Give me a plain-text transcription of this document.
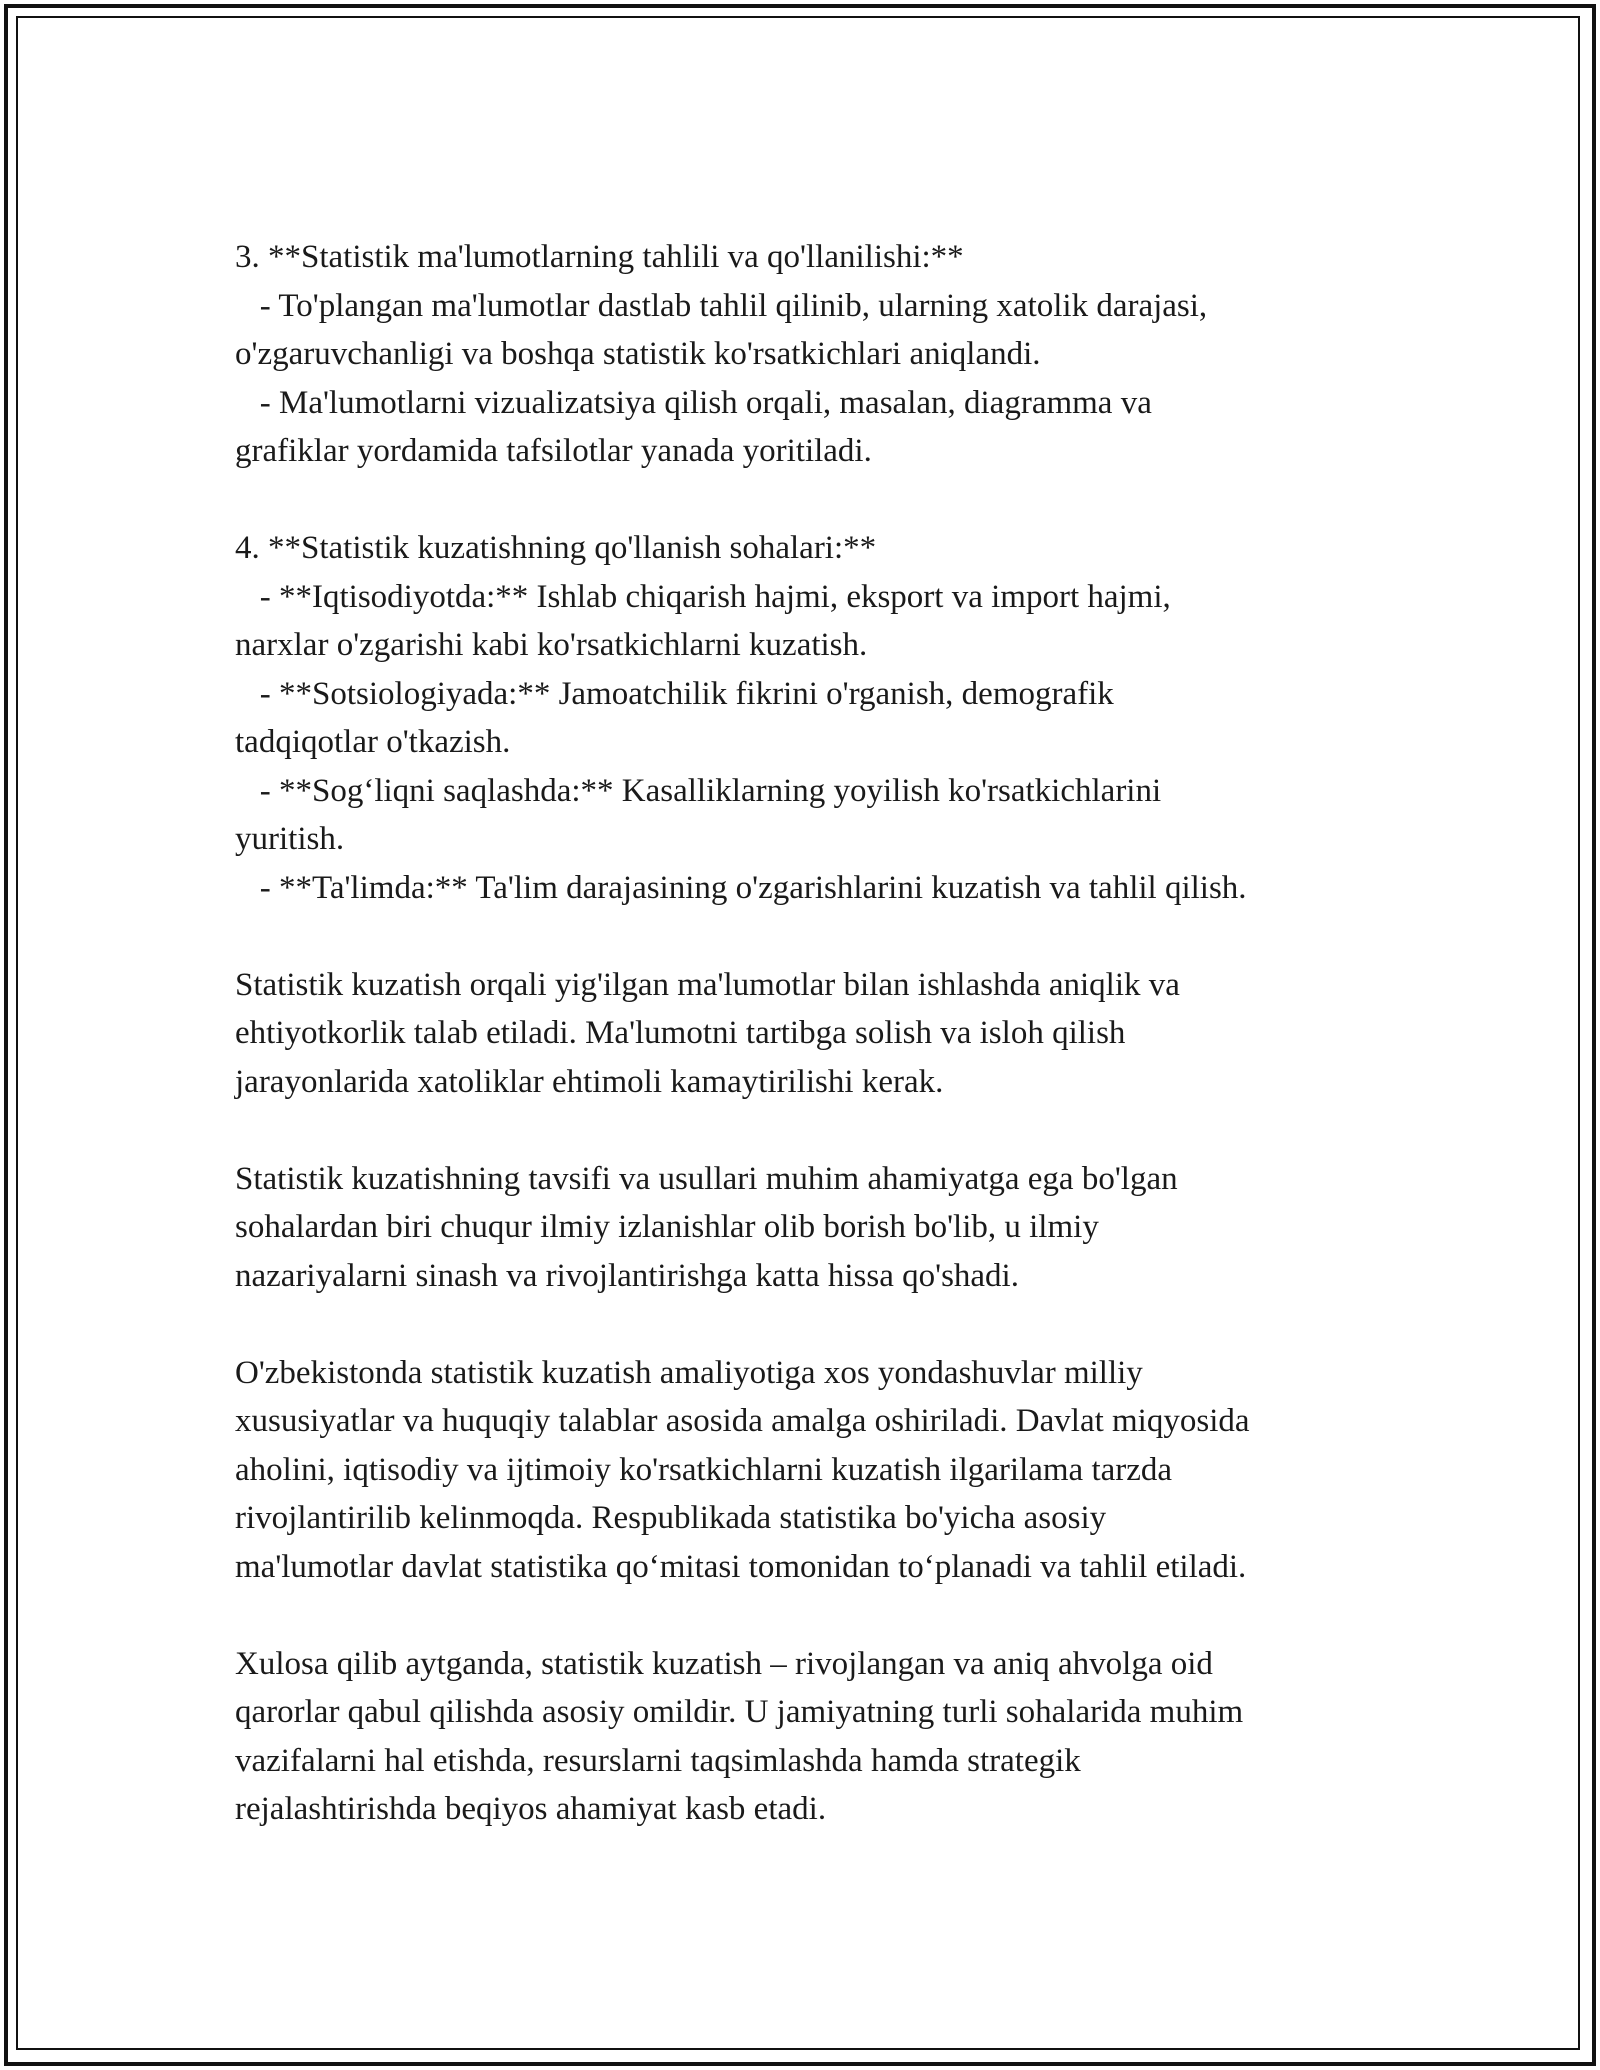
3. **Statistik ma'lumotlarning tahlili va qo'llanilishi:**
- To'plangan ma'lumotlar dastlab tahlil qilinib, ularning xatolik darajasi,
o'zgaruvchanligi va boshqa statistik ko'rsatkichlari aniqlandi.
- Ma'lumotlarni vizualizatsiya qilish orqali, masalan, diagramma va
grafiklar yordamida tafsilotlar yanada yoritiladi.
4. **Statistik kuzatishning qo'llanish sohalari:**
- **Iqtisodiyotda:** Ishlab chiqarish hajmi, eksport va import hajmi,
narxlar o'zgarishi kabi ko'rsatkichlarni kuzatish.
- **Sotsiologiyada:** Jamoatchilik fikrini o'rganish, demografik
tadqiqotlar o'tkazish.
- **Sog‘liqni saqlashda:** Kasalliklarning yoyilish ko'rsatkichlarini
yuritish.
- **Ta'limda:** Ta'lim darajasining o'zgarishlarini kuzatish va tahlil qilish.
Statistik kuzatish orqali yig'ilgan ma'lumotlar bilan ishlashda aniqlik va
ehtiyotkorlik talab etiladi. Ma'lumotni tartibga solish va isloh qilish
jarayonlarida xatoliklar ehtimoli kamaytirilishi kerak.
Statistik kuzatishning tavsifi va usullari muhim ahamiyatga ega bo'lgan
sohalardan biri chuqur ilmiy izlanishlar olib borish bo'lib, u ilmiy
nazariyalarni sinash va rivojlantirishga katta hissa qo'shadi.
O'zbekistonda statistik kuzatish amaliyotiga xos yondashuvlar milliy
xususiyatlar va huquqiy talablar asosida amalga oshiriladi. Davlat miqyosida
aholini, iqtisodiy va ijtimoiy ko'rsatkichlarni kuzatish ilgarilama tarzda
rivojlantirilib kelinmoqda. Respublikada statistika bo'yicha asosiy
ma'lumotlar davlat statistika qo‘mitasi tomonidan to‘planadi va tahlil etiladi.
Xulosa qilib aytganda, statistik kuzatish – rivojlangan va aniq ahvolga oid
qarorlar qabul qilishda asosiy omildir. U jamiyatning turli sohalarida muhim
vazifalarni hal etishda, resurslarni taqsimlashda hamda strategik
rejalashtirishda beqiyos ahamiyat kasb etadi.
